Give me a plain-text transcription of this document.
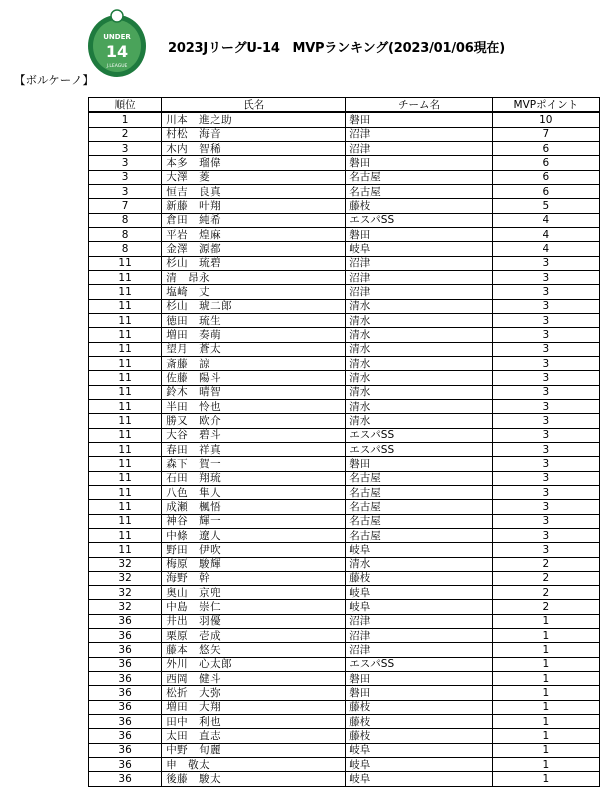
UNDER
14
J.LEAGUE
2023JリーグU-14　MVPランキング(2023/01/06現在)
【ボルケーノ】
順位	氏名	チーム名	MVPポイント
1	川本　進之助	磐田	10
2	村松　海音	沼津	7
3	木内　智稀	沼津	6
3	本多　瑠偉	磐田	6
3	大澤　菱	名古屋	6
3	恒吉　良真	名古屋	6
7	新藤　叶翔	藤枝	5
8	倉田　純希	エスパSS	4
8	平岩　煌麻	磐田	4
8	金澤　源都	岐阜	4
11	杉山　琉碧	沼津	3
11	清　昂永	沼津	3
11	塩崎　丈	沼津	3
11	杉山　琥二郎	清水	3
11	徳田　琉生	清水	3
11	増田　奏萌	清水	3
11	望月　蒼太	清水	3
11	斎藤　諒	清水	3
11	佐藤　陽斗	清水	3
11	鈴木　晴智	清水	3
11	半田　怜也	清水	3
11	勝又　欧介	清水	3
11	大谷　碧斗	エスパSS	3
11	春田　祥真	エスパSS	3
11	森下　賀一	磐田	3
11	石田　翔琉	名古屋	3
11	八色　隼人	名古屋	3
11	成瀬　楓悟	名古屋	3
11	神谷　輝一	名古屋	3
11	中條　遼人	名古屋	3
11	野田　伊吹	岐阜	3
32	梅原　駿輝	清水	2
32	海野　幹	藤枝	2
32	奥山　京兜	岐阜	2
32	中島　崇仁	岐阜	2
36	井出　羽優	沼津	1
36	栗原　壱成	沼津	1
36	藤本　悠矢	沼津	1
36	外川　心太郎	エスパSS	1
36	西岡　健斗	磐田	1
36	松折　大弥	磐田	1
36	増田　大翔	藤枝	1
36	田中　利也	藤枝	1
36	太田　直志	藤枝	1
36	中野　旬麗	岐阜	1
36	申　敬太	岐阜	1
36	後藤　駿太	岐阜	1
